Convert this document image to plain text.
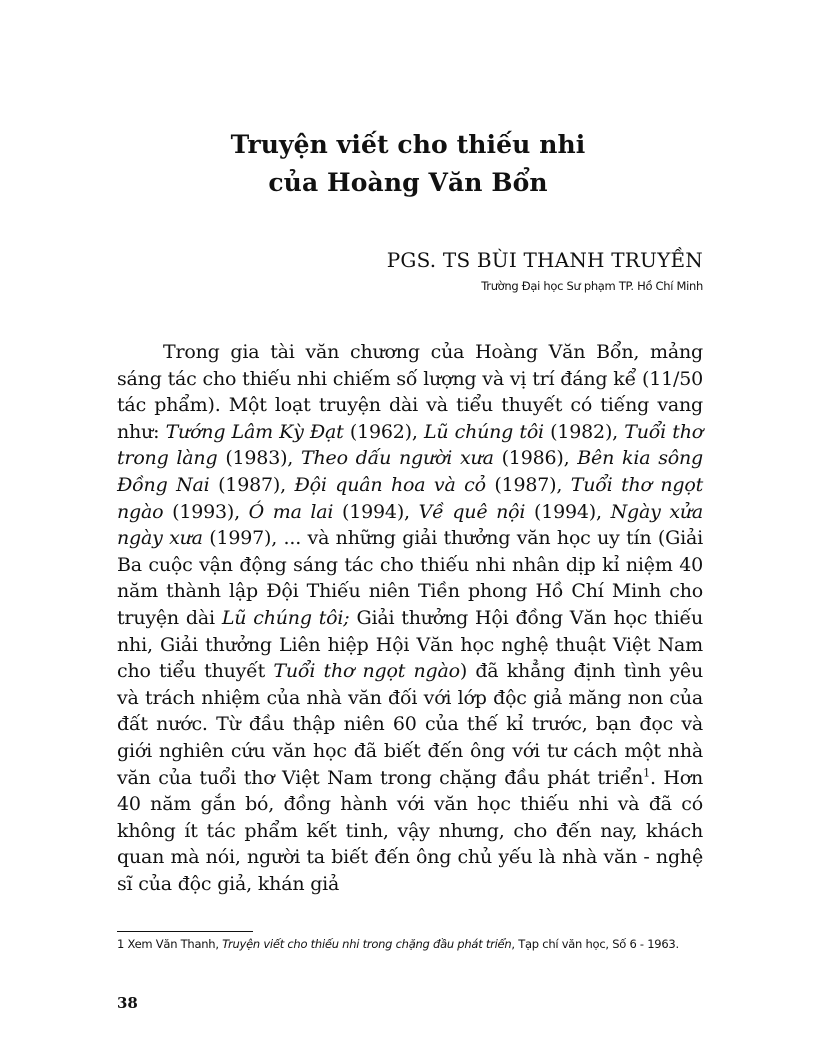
Truyện viết cho thiếu nhi
của Hoàng Văn Bổn
PGS. TS BÙI THANH TRUYỀN
Trường Đại học Sư phạm TP. Hồ Chí Minh

Trong gia tài văn chương của Hoàng Văn Bổn, mảng sáng tác cho thiếu nhi chiếm số lượng và vị trí đáng kể (11/50 tác phẩm). Một loạt truyện dài và tiểu thuyết có tiếng vang như: Tướng Lâm Kỳ Đạt (1962), Lũ chúng tôi (1982), Tuổi thơ trong làng (1983), Theo dấu người xưa (1986), Bên kia sông Đồng Nai (1987), Đội quân hoa và cỏ (1987), Tuổi thơ ngọt ngào (1993), Ó ma lai (1994), Về quê nội (1994), Ngày xửa ngày xưa (1997), ... và những giải thưởng văn học uy tín (Giải Ba cuộc vận động sáng tác cho thiếu nhi nhân dịp kỉ niệm 40 năm thành lập Đội Thiếu niên Tiền phong Hồ Chí Minh cho truyện dài Lũ chúng tôi; Giải thưởng Hội đồng Văn học thiếu nhi, Giải thưởng Liên hiệp Hội Văn học nghệ thuật Việt Nam cho tiểu thuyết Tuổi thơ ngọt ngào) đã khẳng định tình yêu và trách nhiệm của nhà văn đối với lớp độc giả măng non của đất nước. Từ đầu thập niên 60 của thế kỉ trước, bạn đọc và giới nghiên cứu văn học đã biết đến ông với tư cách một nhà văn của tuổi thơ Việt Nam trong chặng đầu phát triển$^1$. Hơn 40 năm gắn bó, đồng hành với văn học thiếu nhi và đã có không ít tác phẩm kết tinh, vậy nhưng, cho đến nay, khách quan mà nói, người ta biết đến ông chủ yếu là nhà văn - nghệ sĩ của độc giả, khán giả

1 Xem Văn Thanh, Truyện viết cho thiếu nhi trong chặng đầu phát triển, Tạp chí văn học, Số 6 - 1963.
38
